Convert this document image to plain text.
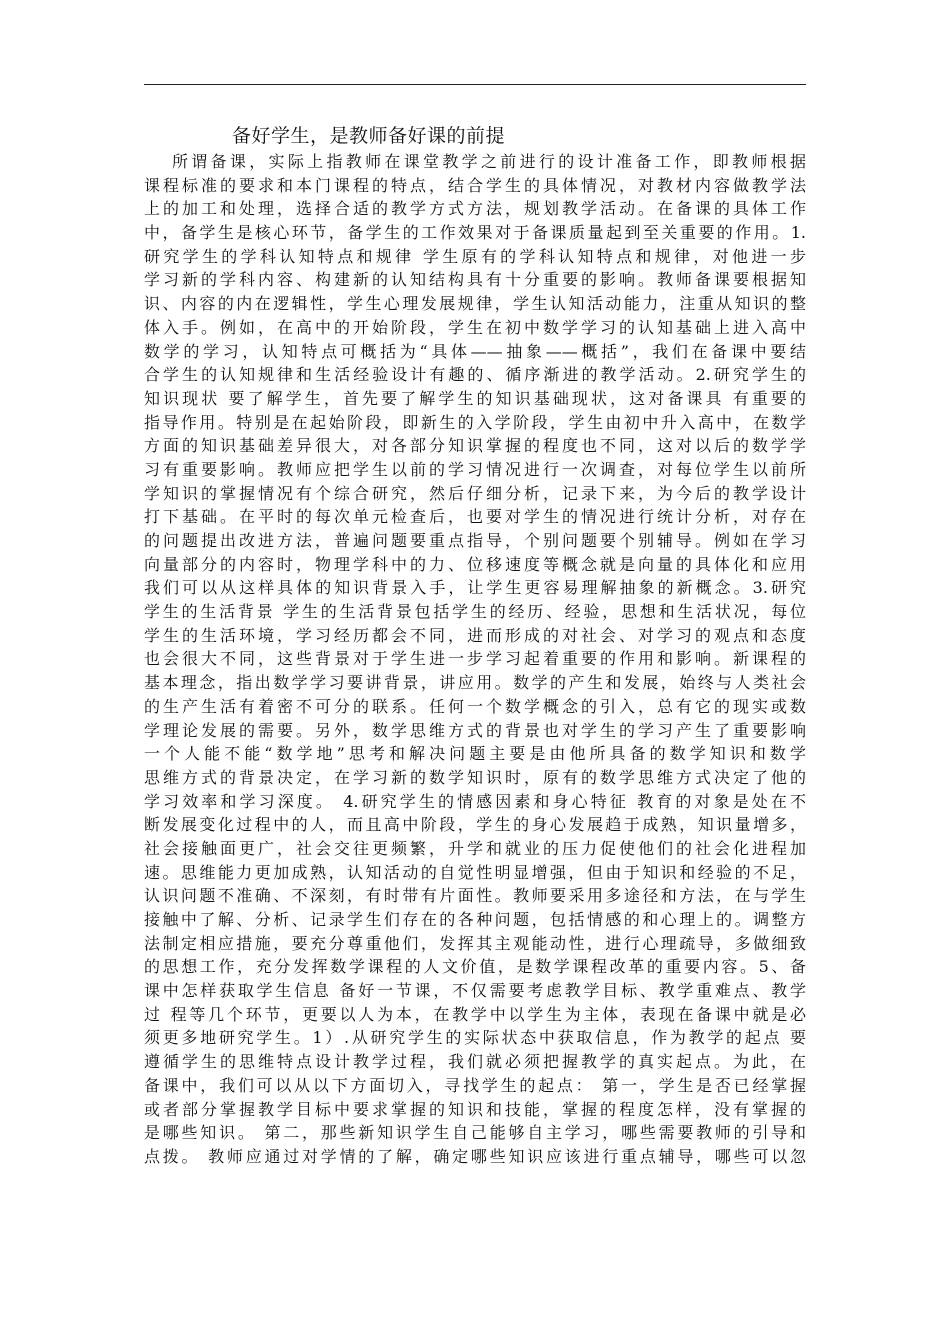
备好学生，是教师备好课的前提
所谓备课，实际上指教师在课堂教学之前进行的设计准备工作，即教师根据
课程标准的要求和本门课程的特点，结合学生的具体情况，对教材内容做教学法
上的加工和处理，选择合适的教学方式方法，规划教学活动。在备课的具体工作
中，备学生是核心环节，备学生的工作效果对于备课质量起到至关重要的作用。1.
研究学生的学科认知特点和规律 学生原有的学科认知特点和规律，对他进一步
学习新的学科内容、构建新的认知结构具有十分重要的影响。教师备课要根据知
识、内容的内在逻辑性，学生心理发展规律，学生认知活动能力，注重从知识的整
体入手。例如，在高中的开始阶段，学生在初中数学学习的认知基础上进入高中
数学的学习，认知特点可概括为“具体——抽象——概括”，我们在备课中要结
合学生的认知规律和生活经验设计有趣的、循序渐进的教学活动。2.研究学生的
知识现状 要了解学生，首先要了解学生的知识基础现状，这对备课具 有重要的
指导作用。特别是在起始阶段，即新生的入学阶段，学生由初中升入高中，在数学
方面的知识基础差异很大，对各部分知识掌握的程度也不同，这对以后的数学学
习有重要影响。教师应把学生以前的学习情况进行一次调查，对每位学生以前所
学知识的掌握情况有个综合研究，然后仔细分析，记录下来，为今后的教学设计
打下基础。在平时的每次单元检查后，也要对学生的情况进行统计分析，对存在
的问题提出改进方法，普遍问题要重点指导，个别问题要个别辅导。例如在学习
向量部分的内容时，物理学科中的力、位移速度等概念就是向量的具体化和应用
我们可以从这样具体的知识背景入手，让学生更容易理解抽象的新概念。3.研究
学生的生活背景 学生的生活背景包括学生的经历、经验，思想和生活状况，每位
学生的生活环境，学习经历都会不同，进而形成的对社会、对学习的观点和态度
也会很大不同，这些背景对于学生进一步学习起着重要的作用和影响。新课程的
基本理念，指出数学学习要讲背景，讲应用。数学的产生和发展，始终与人类社会
的生产生活有着密不可分的联系。任何一个数学概念的引入，总有它的现实或数
学理论发展的需要。另外，数学思维方式的背景也对学生的学习产生了重要影响
一个人能不能“数学地”思考和解决问题主要是由他所具备的数学知识和数学
思维方式的背景决定，在学习新的数学知识时，原有的数学思维方式决定了他的
学习效率和学习深度。 4.研究学生的情感因素和身心特征 教育的对象是处在不
断发展变化过程中的人，而且高中阶段，学生的身心发展趋于成熟，知识量增多，
社会接触面更广，社会交往更频繁，升学和就业的压力促使他们的社会化进程加
速。思维能力更加成熟，认知活动的自觉性明显增强，但由于知识和经验的不足，
认识问题不准确、不深刻，有时带有片面性。教师要采用多途径和方法，在与学生
接触中了解、分析、记录学生们存在的各种问题，包括情感的和心理上的。调整方
法制定相应措施，要充分尊重他们，发挥其主观能动性，进行心理疏导，多做细致
的思想工作，充分发挥数学课程的人文价值，是数学课程改革的重要内容。5、备
课中怎样获取学生信息 备好一节课，不仅需要考虑教学目标、教学重难点、教学
过 程等几个环节，更要以人为本，在教学中以学生为主体，表现在备课中就是必
须更多地研究学生。1）.从研究学生的实际状态中获取信息，作为教学的起点 要
遵循学生的思维特点设计教学过程，我们就必须把握教学的真实起点。为此，在
备课中，我们可以从以下方面切入，寻找学生的起点： 第一，学生是否已经掌握
或者部分掌握教学目标中要求掌握的知识和技能，掌握的程度怎样，没有掌握的
是哪些知识。 第二，那些新知识学生自己能够自主学习，哪些需要教师的引导和
点拨。 教师应通过对学情的了解，确定哪些知识应该进行重点辅导，哪些可以忽
